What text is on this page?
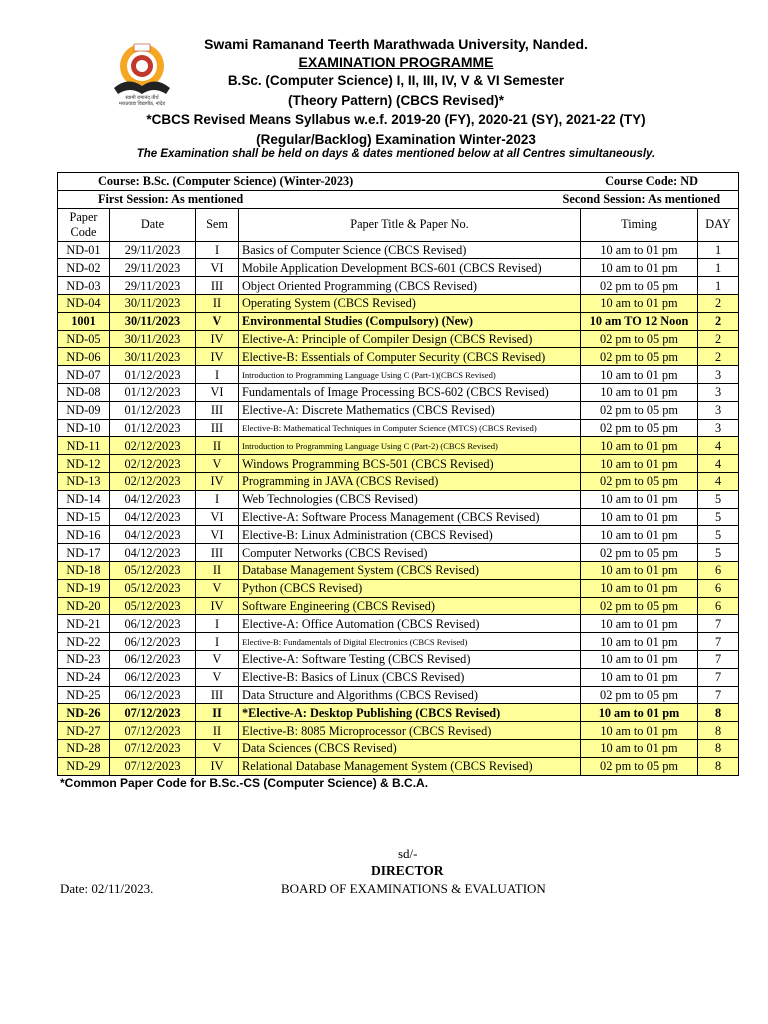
स्वामी रामानंद तीर्थ
मराठवाडा विद्यापीठ, नांदेड
Swami Ramanand Teerth Marathwada University, Nanded.
EXAMINATION PROGRAMME
B.Sc. (Computer Science) I, II, III, IV, V & VI Semester
(Theory Pattern) (CBCS Revised)*
*CBCS Revised Means Syllabus w.e.f. 2019-20 (FY), 2020-21 (SY), 2021-22 (TY)
(Regular/Backlog) Examination Winter-2023
The Examination shall be held on days & dates mentioned below at all Centres simultaneously.
Course: B.Sc. (Computer Science) (Winter-2023) Course Code: ND					

First Session: As mentioned Second Session: As mentioned					

Paper Code	Date	Sem	Paper Title & Paper No.	Timing	DAY
ND-01	29/11/2023	I	Basics of Computer Science (CBCS Revised)	10 am to 01 pm	1
ND-02	29/11/2023	VI	Mobile Application Development BCS-601 (CBCS Revised)	10 am to 01 pm	1
ND-03	29/11/2023	III	Object Oriented Programming (CBCS Revised)	02 pm to 05 pm	1
ND-04	30/11/2023	II	Operating System (CBCS Revised)	10 am to 01 pm	2
1001	30/11/2023	V	Environmental Studies (Compulsory) (New)	10 am TO 12 Noon	2
ND-05	30/11/2023	IV	Elective-A: Principle of Compiler Design (CBCS Revised)	02 pm to 05 pm	2
ND-06	30/11/2023	IV	Elective-B: Essentials of Computer Security (CBCS Revised)	02 pm to 05 pm	2
ND-07	01/12/2023	I	Introduction to Programming Language Using C (Part-1)(CBCS Revised)	10 am to 01 pm	3
ND-08	01/12/2023	VI	Fundamentals of Image Processing BCS-602 (CBCS Revised)	10 am to 01 pm	3
ND-09	01/12/2023	III	Elective-A: Discrete Mathematics (CBCS Revised)	02 pm to 05 pm	3
ND-10	01/12/2023	III	Elective-B: Mathematical Techniques in Computer Science (MTCS) (CBCS Revised)	02 pm to 05 pm	3
ND-11	02/12/2023	II	Introduction to Programming Language Using C (Part-2) (CBCS Revised)	10 am to 01 pm	4
ND-12	02/12/2023	V	Windows Programming BCS-501 (CBCS Revised)	10 am to 01 pm	4
ND-13	02/12/2023	IV	Programming in JAVA (CBCS Revised)	02 pm to 05 pm	4
ND-14	04/12/2023	I	Web Technologies (CBCS Revised)	10 am to 01 pm	5
ND-15	04/12/2023	VI	Elective-A: Software Process Management (CBCS Revised)	10 am to 01 pm	5
ND-16	04/12/2023	VI	Elective-B: Linux Administration (CBCS Revised)	10 am to 01 pm	5
ND-17	04/12/2023	III	Computer Networks (CBCS Revised)	02 pm to 05 pm	5
ND-18	05/12/2023	II	Database Management System (CBCS Revised)	10 am to 01 pm	6
ND-19	05/12/2023	V	Python (CBCS Revised)	10 am to 01 pm	6
ND-20	05/12/2023	IV	Software Engineering (CBCS Revised)	02 pm to 05 pm	6
ND-21	06/12/2023	I	Elective-A: Office Automation (CBCS Revised)	10 am to 01 pm	7
ND-22	06/12/2023	I	Elective-B: Fundamentals of Digital Electronics (CBCS Revised)	10 am to 01 pm	7
ND-23	06/12/2023	V	Elective-A: Software Testing (CBCS Revised)	10 am to 01 pm	7
ND-24	06/12/2023	V	Elective-B: Basics of Linux (CBCS Revised)	10 am to 01 pm	7
ND-25	06/12/2023	III	Data Structure and Algorithms (CBCS Revised)	02 pm to 05 pm	7
ND-26	07/12/2023	II	*Elective-A: Desktop Publishing (CBCS Revised)	10 am to 01 pm	8
ND-27	07/12/2023	II	Elective-B: 8085 Microprocessor (CBCS Revised)	10 am to 01 pm	8
ND-28	07/12/2023	V	Data Sciences (CBCS Revised)	10 am to 01 pm	8
ND-29	07/12/2023	IV	Relational Database Management System (CBCS Revised)	02 pm to 05 pm	8
*Common Paper Code for B.Sc.-CS (Computer Science) & B.C.A.
sd/-
DIRECTOR
Date: 02/11/2023.	BOARD OF EXAMINATIONS & EVALUATION
